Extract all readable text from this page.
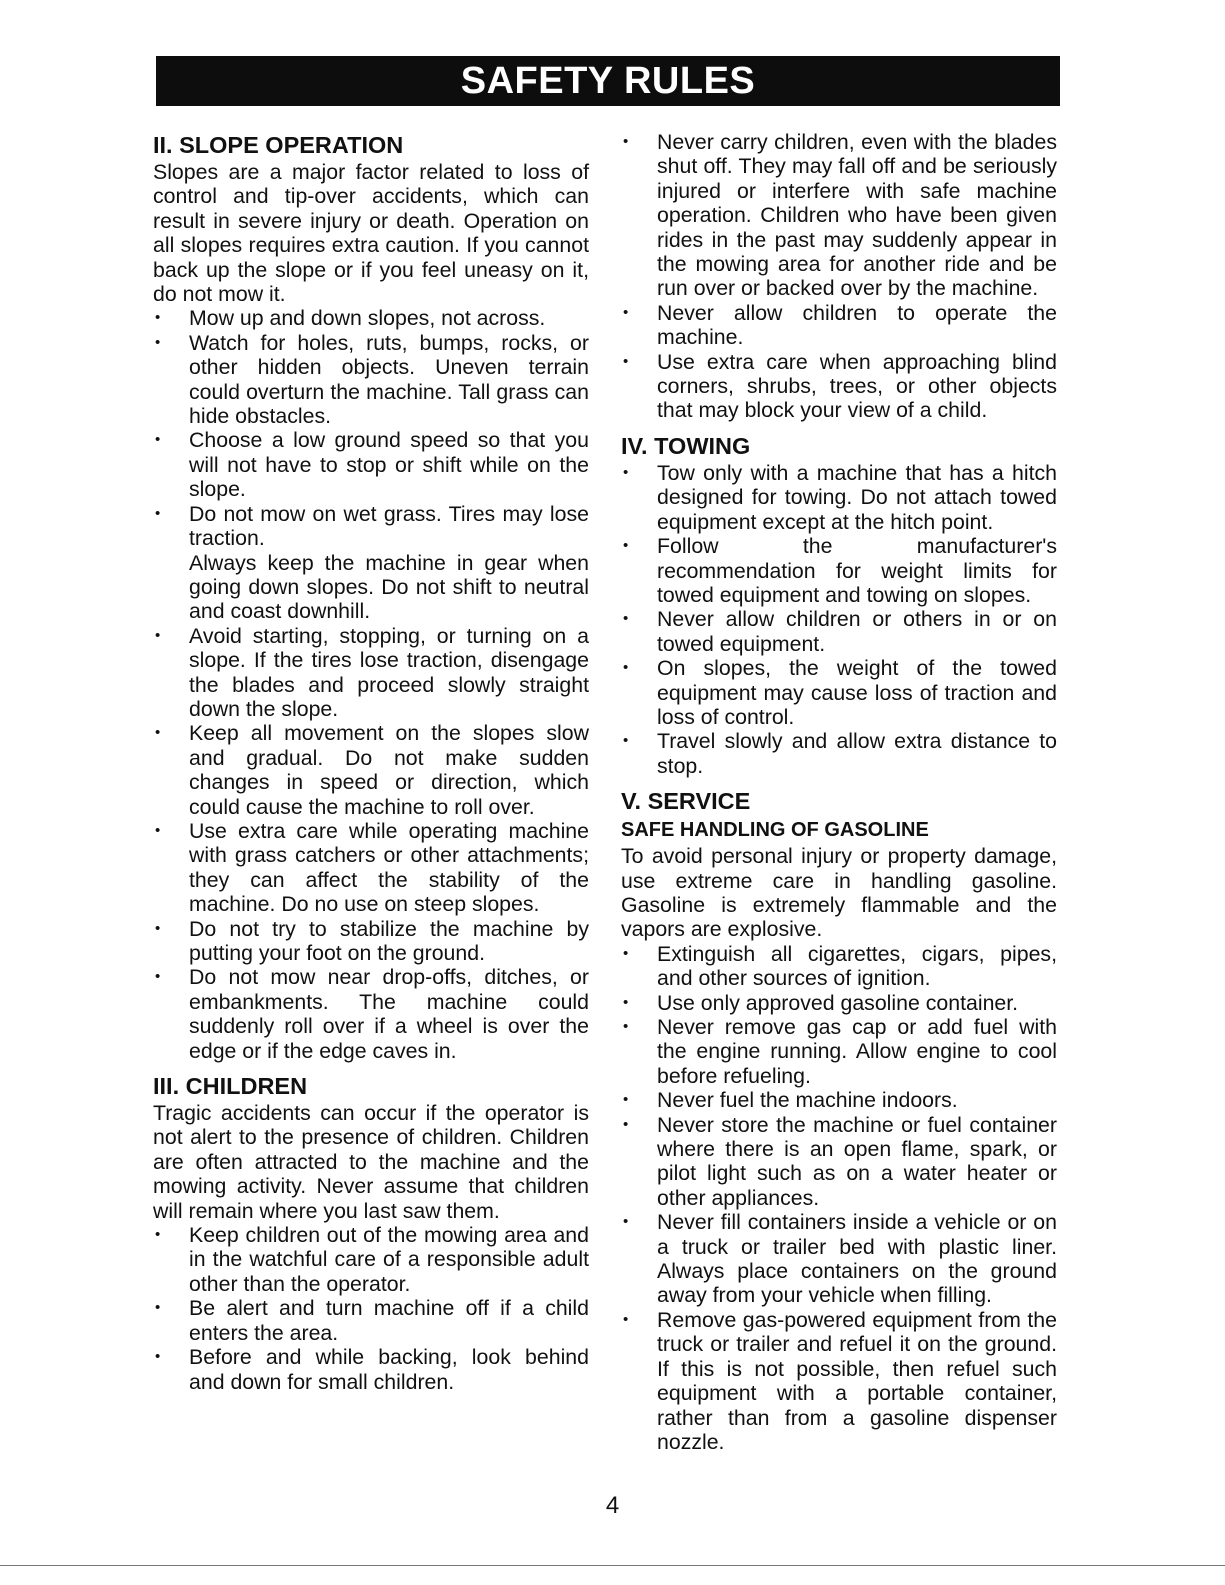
SAFETY RULES
II. SLOPE OPERATION

Slopes are a major factor related to loss of control and tip-over accidents, which can result in severe injury or death. Operation on all slopes requires extra caution. If you cannot back up the slope or if you feel uneasy on it, do not mow it.

• Mow up and down slopes, not across.
• Watch for holes, ruts, bumps, rocks, or other hidden objects. Uneven terrain could overturn the machine. Tall grass can hide obstacles.
• Choose a low ground speed so that you will not have to stop or shift while on the slope.
• Do not mow on wet grass. Tires may lose traction.
Always keep the machine in gear when going down slopes. Do not shift to neutral and coast downhill.
• Avoid starting, stopping, or turning on a slope. If the tires lose traction, disengage the blades and proceed slowly straight down the slope.
• Keep all movement on the slopes slow and gradual. Do not make sudden changes in speed or direction, which could cause the machine to roll over.
• Use extra care while operating machine with grass catchers or other attachments; they can affect the stability of the machine. Do no use on steep slopes.
• Do not try to stabilize the machine by putting your foot on the ground.
• Do not mow near drop-offs, ditches, or embankments. The machine could suddenly roll over if a wheel is over the edge or if the edge caves in.
III. CHILDREN

Tragic accidents can occur if the operator is not alert to the presence of children. Children are often attracted to the machine and the mowing activity. Never assume that children will remain where you last saw them.

• Keep children out of the mowing area and in the watchful care of a responsible adult other than the operator.
• Be alert and turn machine off if a child enters the area.
• Before and while backing, look behind and down for small children.
• Never carry children, even with the blades shut off. They may fall off and be seriously injured or interfere with safe machine operation. Children who have been given rides in the past may suddenly appear in the mowing area for another ride and be run over or backed over by the machine.
• Never allow children to operate the machine.
• Use extra care when approaching blind corners, shrubs, trees, or other objects that may block your view of a child.
IV. TOWING
• Tow only with a machine that has a hitch designed for towing. Do not attach towed equipment except at the hitch point.
• Follow the manufacturer's recommendation for weight limits for towed equipment and towing on slopes.
• Never allow children or others in or on towed equipment.
• On slopes, the weight of the towed equipment may cause loss of traction and loss of control.
• Travel slowly and allow extra distance to stop.
V. SERVICE
SAFE HANDLING OF GASOLINE

To avoid personal injury or property damage, use extreme care in handling gasoline. Gasoline is extremely flammable and the vapors are explosive.

• Extinguish all cigarettes, cigars, pipes, and other sources of ignition.
• Use only approved gasoline container.
• Never remove gas cap or add fuel with the engine running. Allow engine to cool before refueling.
• Never fuel the machine indoors.
• Never store the machine or fuel container where there is an open flame, spark, or pilot light such as on a water heater or other appliances.
• Never fill containers inside a vehicle or on a truck or trailer bed with plastic liner. Always place containers on the ground away from your vehicle when filling.
• Remove gas-powered equipment from the truck or trailer and refuel it on the ground. If this is not possible, then refuel such equipment with a portable container, rather than from a gasoline dispenser nozzle.
4
